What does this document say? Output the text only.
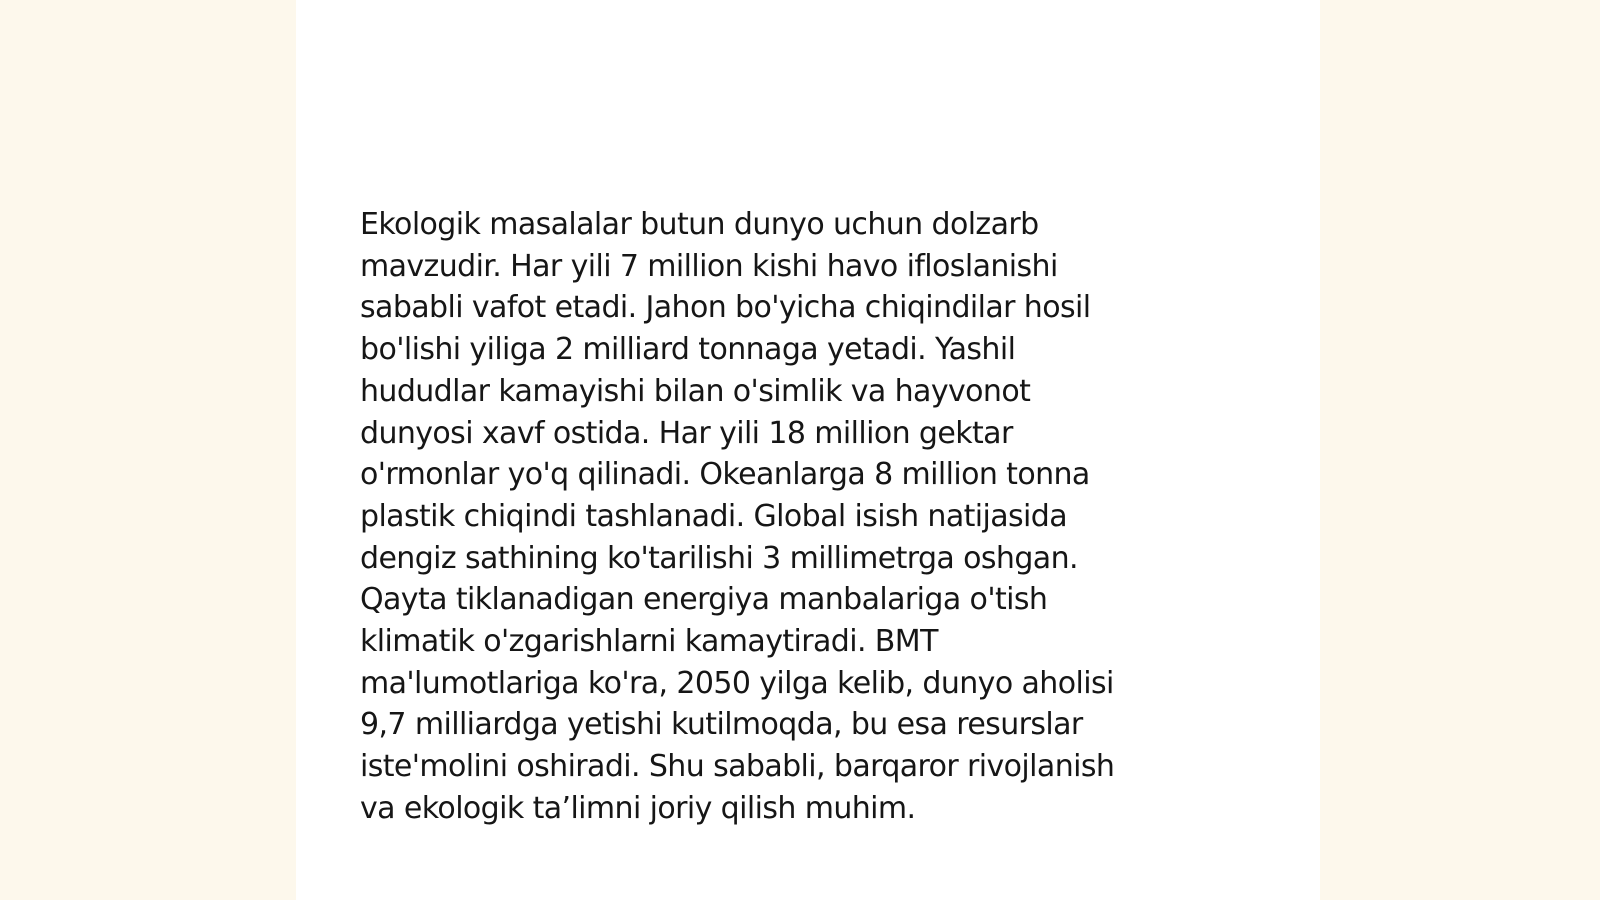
Ekologik masalalar butun dunyo uchun dolzarb
mavzudir. Har yili 7 million kishi havo ifloslanishi
sababli vafot etadi. Jahon bo'yicha chiqindilar hosil
bo'lishi yiliga 2 milliard tonnaga yetadi. Yashil
hududlar kamayishi bilan o'simlik va hayvonot
dunyosi xavf ostida. Har yili 18 million gektar
o'rmonlar yo'q qilinadi. Okeanlarga 8 million tonna
plastik chiqindi tashlanadi. Global isish natijasida
dengiz sathining ko'tarilishi 3 millimetrga oshgan.
Qayta tiklanadigan energiya manbalariga o'tish
klimatik o'zgarishlarni kamaytiradi. BMT
ma'lumotlariga ko'ra, 2050 yilga kelib, dunyo aholisi
9,7 milliardga yetishi kutilmoqda, bu esa resurslar
iste'molini oshiradi. Shu sababli, barqaror rivojlanish
va ekologik ta’limni joriy qilish muhim.
